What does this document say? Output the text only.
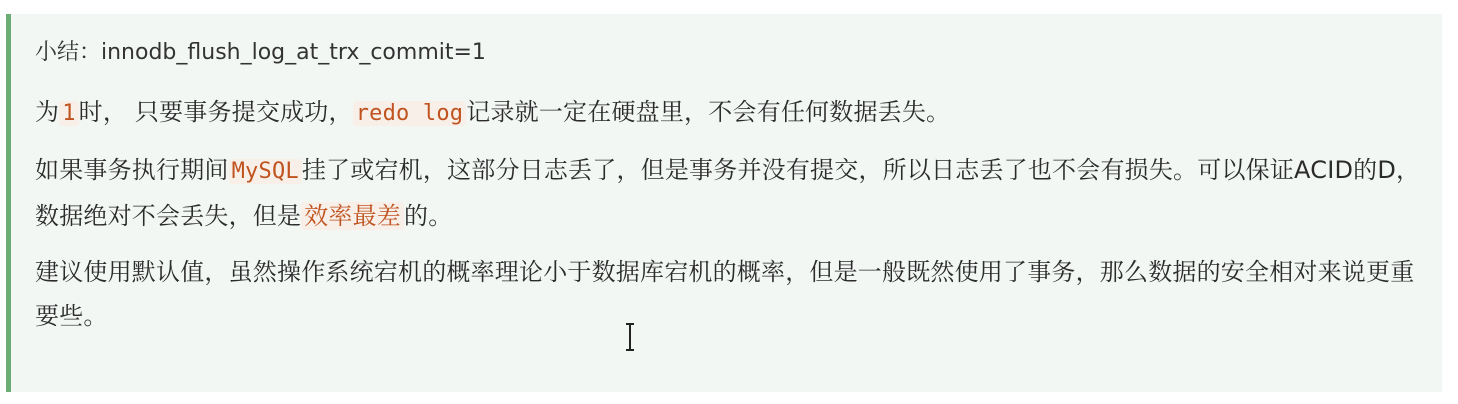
小结：innodb_flush_log_at_trx_commit=1

为 1 时， 只要事务提交成功， redo log 记录就一定在硬盘里，不会有任何数据丢失。

如果事务执行期间 MySQL 挂了或宕机，这部分日志丢了，但是事务并没有提交，所以日志丢了也不会有损失。可以保证ACID的D，数据绝对不会丢失，但是 效率最差 的。

建议使用默认值，虽然操作系统宕机的概率理论小于数据库宕机的概率，但是一般既然使用了事务，那么数据的安全相对来说更重要些。
